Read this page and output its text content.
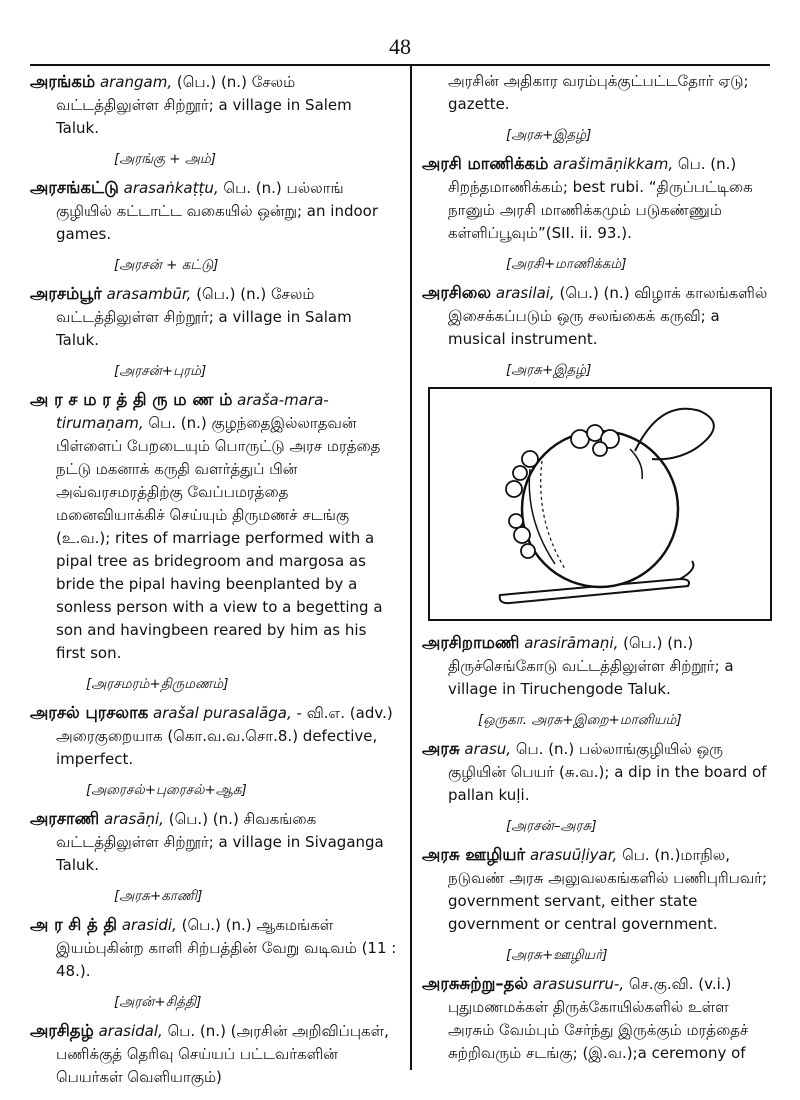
48

அரங்கம் arangam, (பெ.) (n.) சேலம் வட்டத்திலுள்ள சிற்றூர்; a village in Salem Taluk.

[அரங்கு + அம்]

அரசங்கட்டு arasaṅkaṭṭu, பெ. (n.) பல்லாங் குழியில் கட்டாட்ட வகையில் ஒன்று; an indoor games.

[அரசன் + கட்டு]

அரசம்பூர் arasambūr, (பெ.) (n.) சேலம் வட்டத்திலுள்ள சிற்றூர்; a village in Salam Taluk.

[அரசன்+புரம்]

அ ர ச ம ர த் தி ரு ம ண ம் araša-mara-tirumaṇam, பெ. (n.) குழந்தைஇல்லாதவன் பிள்ளைப் பேறடையும் பொருட்டு அரச மரத்தை நட்டு மகனாக் கருதி வளர்த்துப் பின் அவ்வரசமரத்திற்கு வேப்பமரத்தை மனைவியாக்கிச் செய்யும் திருமணச் சடங்கு (உ.வ.); rites of marriage performed with a pipal tree as bridegroom and margosa as bride the pipal having beenplanted by a sonless person with a view to a begetting a son and havingbeen reared by him as his first son.

[அரசமரம்+திருமணம்]

அரசல் புரசலாக arašal purasalāga, - வி.எ. (adv.) அரைகுறையாக (கொ.வ.வ.சொ.8.) defective, imperfect.

[அரைசல்+புரைசல்+ஆக]

அரசாணி arasāṇi, (பெ.) (n.) சிவகங்கை வட்டத்திலுள்ள சிற்றூர்; a village in Sivaganga Taluk.

[அரசு+காணி]

அ ர சி த் தி arasidi, (பெ.) (n.) ஆகமங்கள் இயம்புகின்ற காளி சிற்பத்தின் வேறு வடிவம் (11 : 48.).

[அரன்+சித்தி]

அரசிதழ் arasidal, பெ. (n.) (அரசின் அறிவிப்புகள், பணிக்குத் தெரிவு செய்யப் பட்டவர்களின் பெயர்கள் வெளியாகும்)

அரசின் அதிகார வரம்புக்குட்பட்டதோர் ஏடு; gazette.

[அரசு+இதழ்]

அரசி மாணிக்கம் arašimāṇikkam, பெ. (n.) சிறந்தமாணிக்கம்; best rubi. “திருப்பட்டிகை நானும் அரசி மாணிக்கமும் படுகண்ணும் கள்ளிப்பூவும்”(SII. ii. 93.).

[அரசி+மாணிக்கம்]

அரசிலை arasilai, (பெ.) (n.) விழாக் காலங்களில் இசைக்கப்படும் ஒரு சலங்கைக் கருவி; a musical instrument.

[அரசு+இதழ்]

அரசிறாமணி arasirāmaṇi, (பெ.) (n.) திருச்செங்கோடு வட்டத்திலுள்ள சிற்றூர்; a village in Tiruchengode Taluk.

[ஒருகா. அரசு+இறை+மானியம்]

அரசு arasu, பெ. (n.) பல்லாங்குழியில் ஒரு குழியின் பெயர் (சு.வ.); a dip in the board of pallan kuḷi.

[அரசன்–அரசு]

அரசு ஊழியர் arasuūḷiyar, பெ. (n.)மாநில, நடுவண் அரசு அலுவலகங்களில் பணிபுரிபவர்; government servant, either state government or central government.

[அரசு+ஊழியர்]

அரசுசுற்று–தல் arasusurru-, செ.கு.வி. (v.i.) புதுமணமக்கள் திருக்கோயில்களில் உள்ள அரசும் வேம்பும் சேர்ந்து இருக்கும் மரத்தைச் சுற்றிவரும் சடங்கு; (இ.வ.);a ceremony of
